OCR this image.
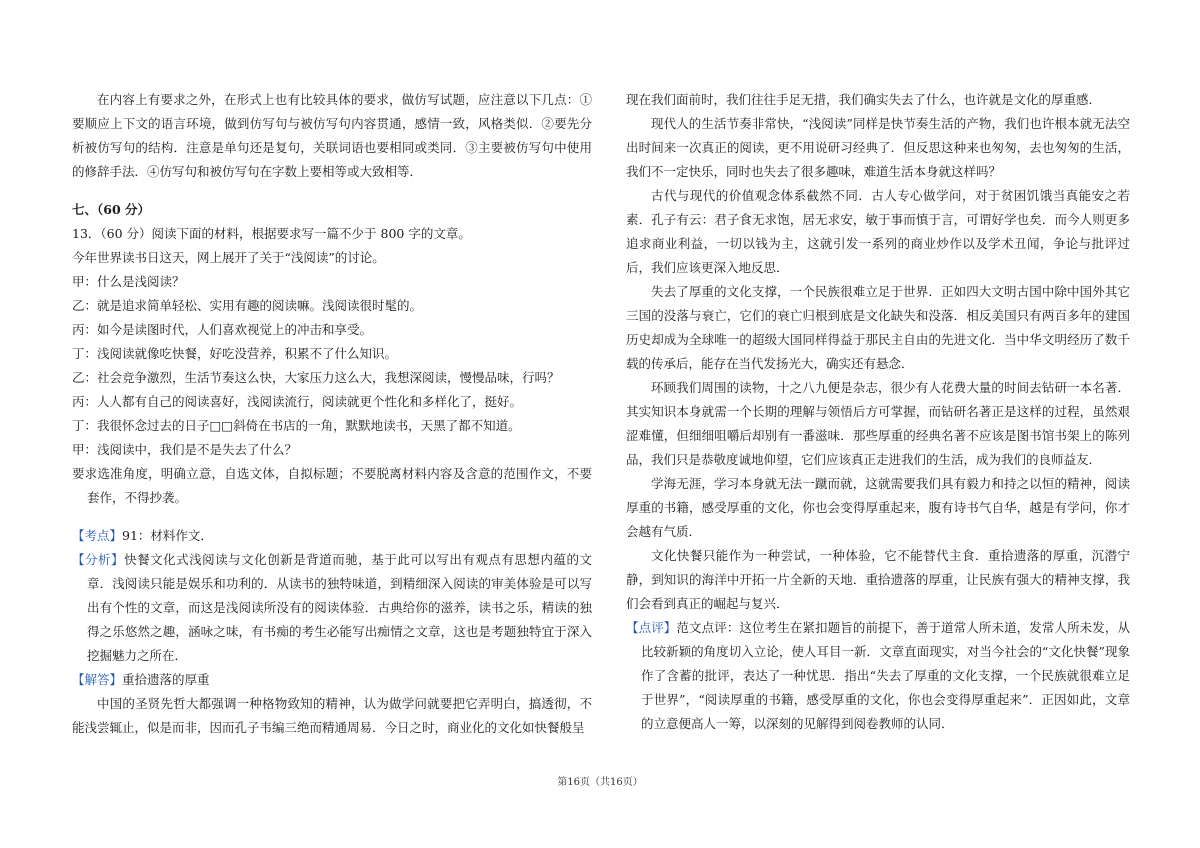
在内容上有要求之外，在形式上也有比较具体的要求，做仿写试题，应注意以下几点：①要顺应上下文的语言环境，做到仿写句与被仿写句内容贯通，感情一致，风格类似．②要先分析被仿写句的结构．注意是单句还是复句，关联词语也要相同或类同．③主要被仿写句中使用的修辞手法．④仿写句和被仿写句在字数上要相等或大致相等．

七、（60 分）

13．（60 分）阅读下面的材料，根据要求写一篇不少于 800 字的文章。

今年世界读书日这天，网上展开了关于“浅阅读”的讨论。

甲：什么是浅阅读？

乙：就是追求简单轻松、实用有趣的阅读嘛。浅阅读很时髦的。

丙：如今是读图时代，人们喜欢视觉上的冲击和享受。

丁：浅阅读就像吃快餐，好吃没营养，积累不了什么知识。

乙：社会竞争激烈，生活节奏这么快，大家压力这么大，我想深阅读，慢慢品味，行吗？

丙：人人都有自己的阅读喜好，浅阅读流行，阅读就更个性化和多样化了，挺好。

丁：我很怀念过去的日子□□斜倚在书店的一角，默默地读书，天黑了都不知道。

甲：浅阅读中，我们是不是失去了什么？

要求选准角度，明确立意，自选文体，自拟标题；不要脱离材料内容及含意的范围作文，不要套作，不得抄袭。

【考点】91：材料作文．

【分析】快餐文化式浅阅读与文化创新是背道而驰，基于此可以写出有观点有思想内蕴的文章．浅阅读只能是娱乐和功利的．从读书的独特味道，到精细深入阅读的审美体验是可以写出有个性的文章，而这是浅阅读所没有的阅读体验．古典给你的滋养，读书之乐，精读的独得之乐悠然之趣，涵咏之味，有书痴的考生必能写出痴情之文章，这也是考题独特宜于深入挖掘魅力之所在．

【解答】重拾遗落的厚重

中国的圣贤先哲大都强调一种格物致知的精神，认为做学问就要把它弄明白，搞透彻，不能浅尝辄止，似是而非，因而孔子韦编三绝而精通周易．今日之时，商业化的文化如快餐般呈

现在我们面前时，我们往往手足无措，我们确实失去了什么，也许就是文化的厚重感．

现代人的生活节奏非常快，“浅阅读”同样是快节奏生活的产物，我们也许根本就无法空出时间来一次真正的阅读，更不用说研习经典了．但反思这种来也匆匆，去也匆匆的生活，我们不一定快乐，同时也失去了很多趣味，难道生活本身就这样吗？

古代与现代的价值观念体系截然不同．古人专心做学问，对于贫困饥饿当真能安之若素．孔子有云：君子食无求饱，居无求安，敏于事而慎于言，可谓好学也矣．而今人则更多追求商业利益，一切以钱为主，这就引发一系列的商业炒作以及学术丑闻，争论与批评过后，我们应该更深入地反思．

失去了厚重的文化支撑，一个民族很难立足于世界．正如四大文明古国中除中国外其它三国的没落与衰亡，它们的衰亡归根到底是文化缺失和没落．相反美国只有两百多年的建国历史却成为全球唯一的超级大国同样得益于那民主自由的先进文化．当中华文明经历了数千载的传承后，能存在当代发扬光大，确实还有悬念．

环顾我们周围的读物，十之八九便是杂志，很少有人花费大量的时间去钻研一本名著．其实知识本身就需一个长期的理解与领悟后方可掌握，而钻研名著正是这样的过程，虽然艰涩难懂，但细细咀嚼后却别有一番滋味．那些厚重的经典名著不应该是图书馆书架上的陈列品，我们只是恭敬度诚地仰望，它们应该真正走进我们的生活，成为我们的良师益友．

学海无涯，学习本身就无法一蹴而就，这就需要我们具有毅力和持之以恒的精神，阅读厚重的书籍，感受厚重的文化，你也会变得厚重起来，腹有诗书气自华，越是有学问，你才会越有气质．

文化快餐只能作为一种尝试，一种体验，它不能替代主食．重拾遗落的厚重，沉潜宁静，到知识的海洋中开拓一片全新的天地．重拾遗落的厚重，让民族有强大的精神支撑，我们会看到真正的崛起与复兴．

【点评】范文点评：这位考生在紧扣题旨的前提下，善于道常人所未道，发常人所未发，从比较新颖的角度切入立论，使人耳目一新．文章直面现实，对当今社会的“文化快餐”现象作了含蓄的批评，表达了一种忧思．指出“失去了厚重的文化支撑，一个民族就很难立足于世界”，“阅读厚重的书籍，感受厚重的文化，你也会变得厚重起来”．正因如此，文章的立意便高人一筹，以深刻的见解得到阅卷教师的认同．

第16页（共16页）
